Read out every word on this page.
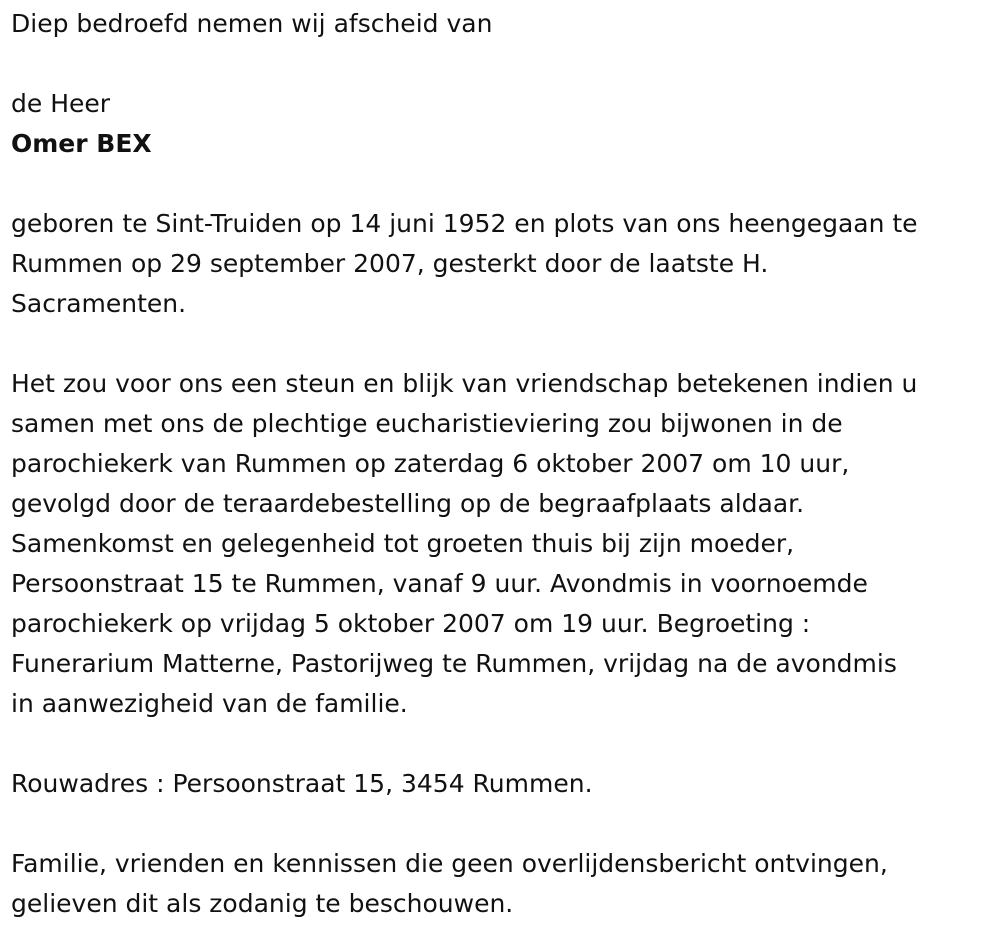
Diep bedroefd nemen wij afscheid van
de Heer
Omer BEX
geboren te Sint-Truiden op 14 juni 1952 en plots van ons heengegaan te
Rummen op 29 september 2007, gesterkt door de laatste H.
Sacramenten.
Het zou voor ons een steun en blijk van vriendschap betekenen indien u
samen met ons de plechtige eucharistieviering zou bijwonen in de
parochiekerk van Rummen op zaterdag 6 oktober 2007 om 10 uur,
gevolgd door de teraardebestelling op de begraafplaats aldaar.
Samenkomst en gelegenheid tot groeten thuis bij zijn moeder,
Persoonstraat 15 te Rummen, vanaf 9 uur. Avondmis in voornoemde
parochiekerk op vrijdag 5 oktober 2007 om 19 uur. Begroeting :
Funerarium Matterne, Pastorijweg te Rummen, vrijdag na de avondmis
in aanwezigheid van de familie.
Rouwadres : Persoonstraat 15, 3454 Rummen.
Familie, vrienden en kennissen die geen overlijdensbericht ontvingen,
gelieven dit als zodanig te beschouwen.
